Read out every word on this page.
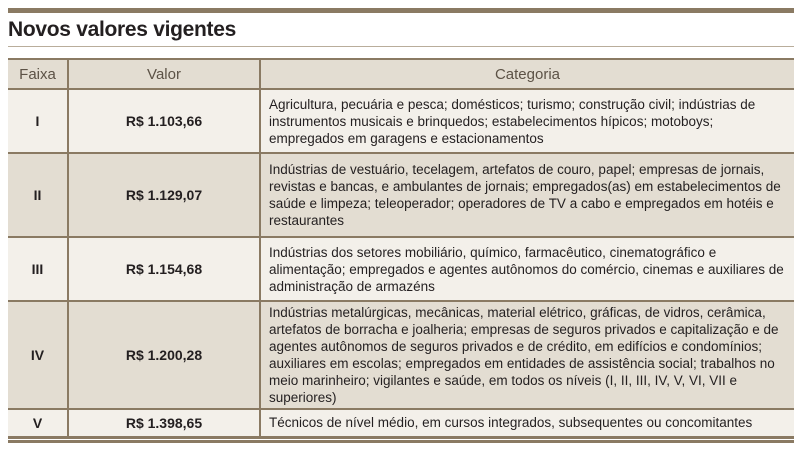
Novos valores vigentes
Faixa	Valor	Categoria
I	R$ 1.103,66	Agricultura, pecuária e pesca; domésticos; turismo; construção civil; indústrias de instrumentos musicais e brinquedos; estabelecimentos hípicos; motoboys; empregados em garagens e estacionamentos
II	R$ 1.129,07	Indústrias de vestuário, tecelagem, artefatos de couro, papel; empresas de jornais, revistas e bancas, e ambulantes de jornais; empregados(as) em estabelecimentos de saúde e limpeza; teleoperador; operadores de TV a cabo e empregados em hotéis e restaurantes
III	R$ 1.154,68	Indústrias dos setores mobiliário, químico, farmacêutico, cinematográfico e alimentação; empregados e agentes autônomos do comércio, cinemas e auxiliares de administração de armazéns
IV	R$ 1.200,28	Indústrias metalúrgicas, mecânicas, material elétrico, gráficas, de vidros, cerâmica, artefatos de borracha e joalheria; empresas de seguros privados e capitalização e de agentes autônomos de seguros privados e de crédito, em edifícios e condomínios; auxiliares em escolas; empregados em entidades de assistência social; trabalhos no meio marinheiro; vigilantes e saúde, em todos os níveis (I, II, III, IV, V, VI, VII e superiores)
V	R$ 1.398,65	Técnicos de nível médio, em cursos integrados, subsequentes ou concomitantes
